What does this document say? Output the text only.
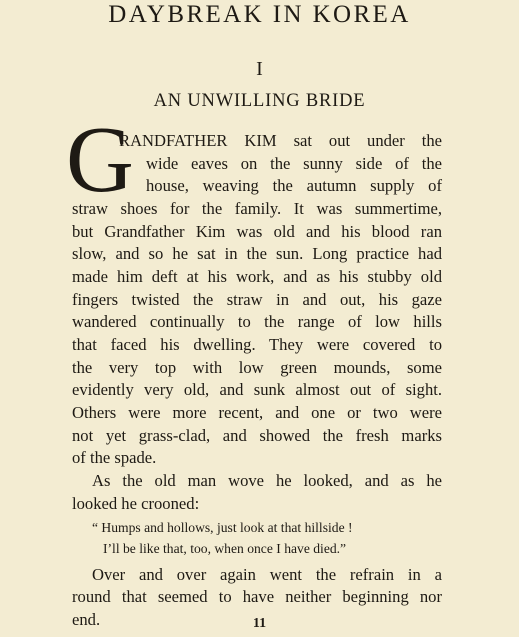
DAYBREAK IN KOREA
I
AN UNWILLING BRIDE
G
RANDFATHER KIM sat out under the
wide eaves on the sunny side of the
house, weaving the autumn supply of
straw shoes for the family. It was summertime,
but Grandfather Kim was old and his blood ran
slow, and so he sat in the sun. Long practice had
made him deft at his work, and as his stubby old
fingers twisted the straw in and out, his gaze
wandered continually to the range of low hills
that faced his dwelling. They were covered to
the very top with low green mounds, some
evidently very old, and sunk almost out of sight.
Others were more recent, and one or two were
not yet grass-clad, and showed the fresh marks
of the spade.
As the old man wove he looked, and as he
looked he crooned:
“ Humps and hollows, just look at that hillside !
I’ll be like that, too, when once I have died.”
Over and over again went the refrain in a
round that seemed to have neither beginning nor
end.	11
